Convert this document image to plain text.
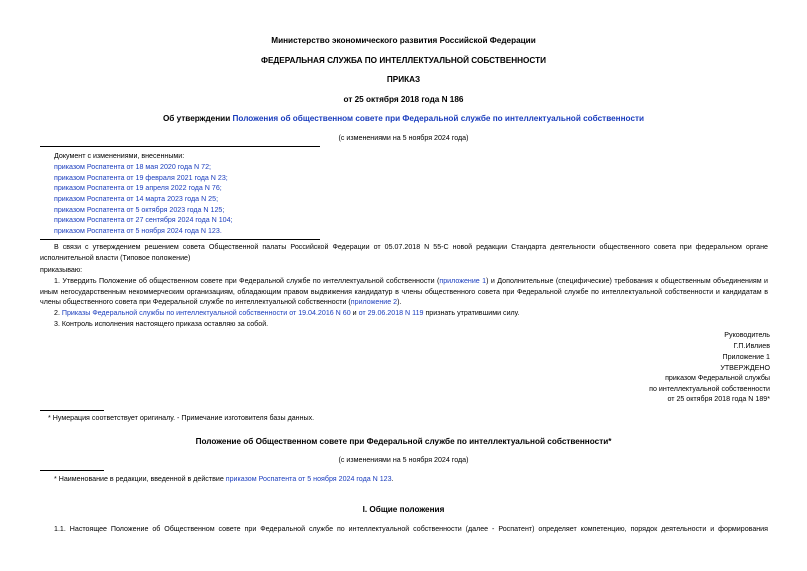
Министерство экономического развития Российской Федерации
ФЕДЕРАЛЬНАЯ СЛУЖБА ПО ИНТЕЛЛЕКТУАЛЬНОЙ СОБСТВЕННОСТИ
ПРИКАЗ
от 25 октября 2018 года N 186
Об утверждении Положения об общественном совете при Федеральной службе по интеллектуальной собственности
(с изменениями на 5 ноября 2024 года)
Документ с изменениями, внесенными:
приказом Роспатента от 18 мая 2020 года N 72;
приказом Роспатента от 19 февраля 2021 года N 23;
приказом Роспатента от 19 апреля 2022 года N 76;
приказом Роспатента от 14 марта 2023 года N 25;
приказом Роспатента от 5 октября 2023 года N 125;
приказом Роспатента от 27 сентября 2024 года N 104;
приказом Роспатента от 5 ноября 2024 года N 123.
В связи с утверждением решением совета Общественной палаты Российской Федерации от 05.07.2018 N 55-С новой редакции Стандарта деятельности общественного совета при федеральном органе
исполнительной власти (Типовое положение)
приказываю:
1. Утвердить Положение об общественном совете при Федеральной службе по интеллектуальной собственности (приложение 1) и Дополнительные (специфические) требования к общественным объединениям и
иным негосударственным некоммерческим организациям, обладающим правом выдвижения кандидатур в члены общественного совета при Федеральной службе по интеллектуальной собственности и кандидатам в
члены общественного совета при Федеральной службе по интеллектуальной собственности (приложение 2).
2. Приказы Федеральной службы по интеллектуальной собственности от 19.04.2016 N 60 и от 29.06.2018 N 119 признать утратившими силу.
3. Контроль исполнения настоящего приказа оставляю за собой.
Руководитель
Г.П.Ивлиев
Приложение 1
УТВЕРЖДЕНО
приказом Федеральной службы
по интеллектуальной собственности
от 25 октября 2018 года N 189*
* Нумерация соответствует оригиналу. - Примечание изготовителя базы данных.
Положение об Общественном совете при Федеральной службе по интеллектуальной собственности*
(с изменениями на 5 ноября 2024 года)
* Наименование в редакции, введенной в действие приказом Роспатента от 5 ноября 2024 года N 123.
I. Общие положения
1.1. Настоящее Положение об Общественном совете при Федеральной службе по интеллектуальной собственности (далее - Роспатент) определяет компетенцию, порядок деятельности и формирования
